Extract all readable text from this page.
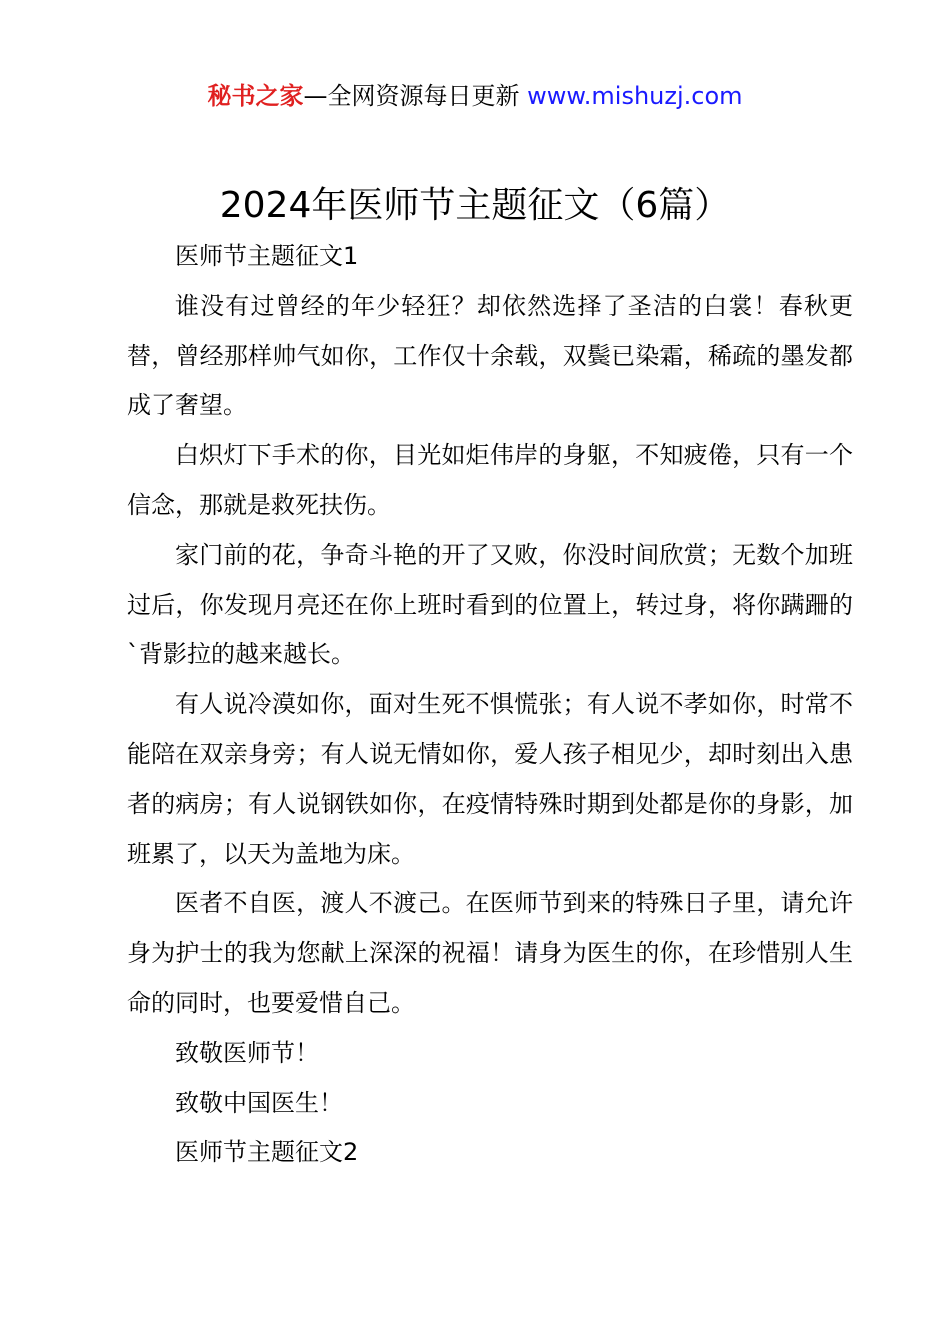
秘书之家—全网资源每日更新 www.mishuzj.com
2024年医师节主题征文（6篇）

医师节主题征文1

谁没有过曾经的年少轻狂？却依然选择了圣洁的白裳！春秋更替，曾经那样帅气如你，工作仅十余载，双鬓已染霜，稀疏的墨发都成了奢望。

白炽灯下手术的你，目光如炬伟岸的身躯，不知疲倦，只有一个信念，那就是救死扶伤。

家门前的花，争奇斗艳的开了又败，你没时间欣赏；无数个加班过后，你发现月亮还在你上班时看到的位置上，转过身，将你蹒跚的`背影拉的越来越长。

有人说冷漠如你，面对生死不惧慌张；有人说不孝如你，时常不能陪在双亲身旁；有人说无情如你，爱人孩子相见少，却时刻出入患者的病房；有人说钢铁如你，在疫情特殊时期到处都是你的身影，加班累了，以天为盖地为床。

医者不自医，渡人不渡己。在医师节到来的特殊日子里，请允许身为护士的我为您献上深深的祝福！请身为医生的你，在珍惜别人生命的同时，也要爱惜自己。

致敬医师节！

致敬中国医生！

医师节主题征文2
